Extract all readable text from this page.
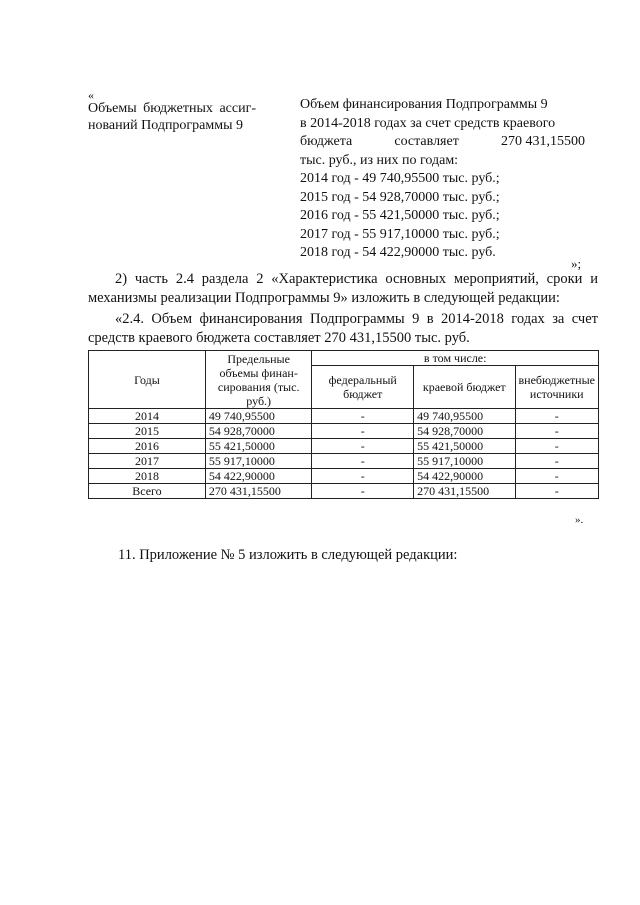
«
Объемы бюджетных ассиг-нований Подпрограммы 9
Объем финансирования Подпрограммы 9
в 2014-2018 годах за счет средств краевого
бюджета	составляет	270 431,15500
тыс. руб., из них по годам:
2014 год - 49 740,95500 тыс. руб.;
2015 год - 54 928,70000 тыс. руб.;
2016 год - 55 421,50000 тыс. руб.;
2017 год - 55 917,10000 тыс. руб.;
2018 год - 54 422,90000 тыс. руб.
»;
2) часть 2.4 раздела 2 «Характеристика основных мероприятий, сроки и механизмы реализации Подпрограммы 9» изложить в следующей редакции:
«2.4. Объем финансирования Подпрограммы 9 в 2014-2018 годах за счет средств краевого бюджета составляет 270 431,15500 тыс. руб.
Годы	Предельные объемы финан-сирования (тыс. руб.)	в том числе:		
		федеральный бюджет	краевой бюджет	внебюджетные источники
2014	49 740,95500	-	49 740,95500	-
2015	54 928,70000	-	54 928,70000	-
2016	55 421,50000	-	55 421,50000	-
2017	55 917,10000	-	55 917,10000	-
2018	54 422,90000	-	54 422,90000	-
Всего	270 431,15500	-	270 431,15500	-
».
11. Приложение № 5 изложить в следующей редакции:
